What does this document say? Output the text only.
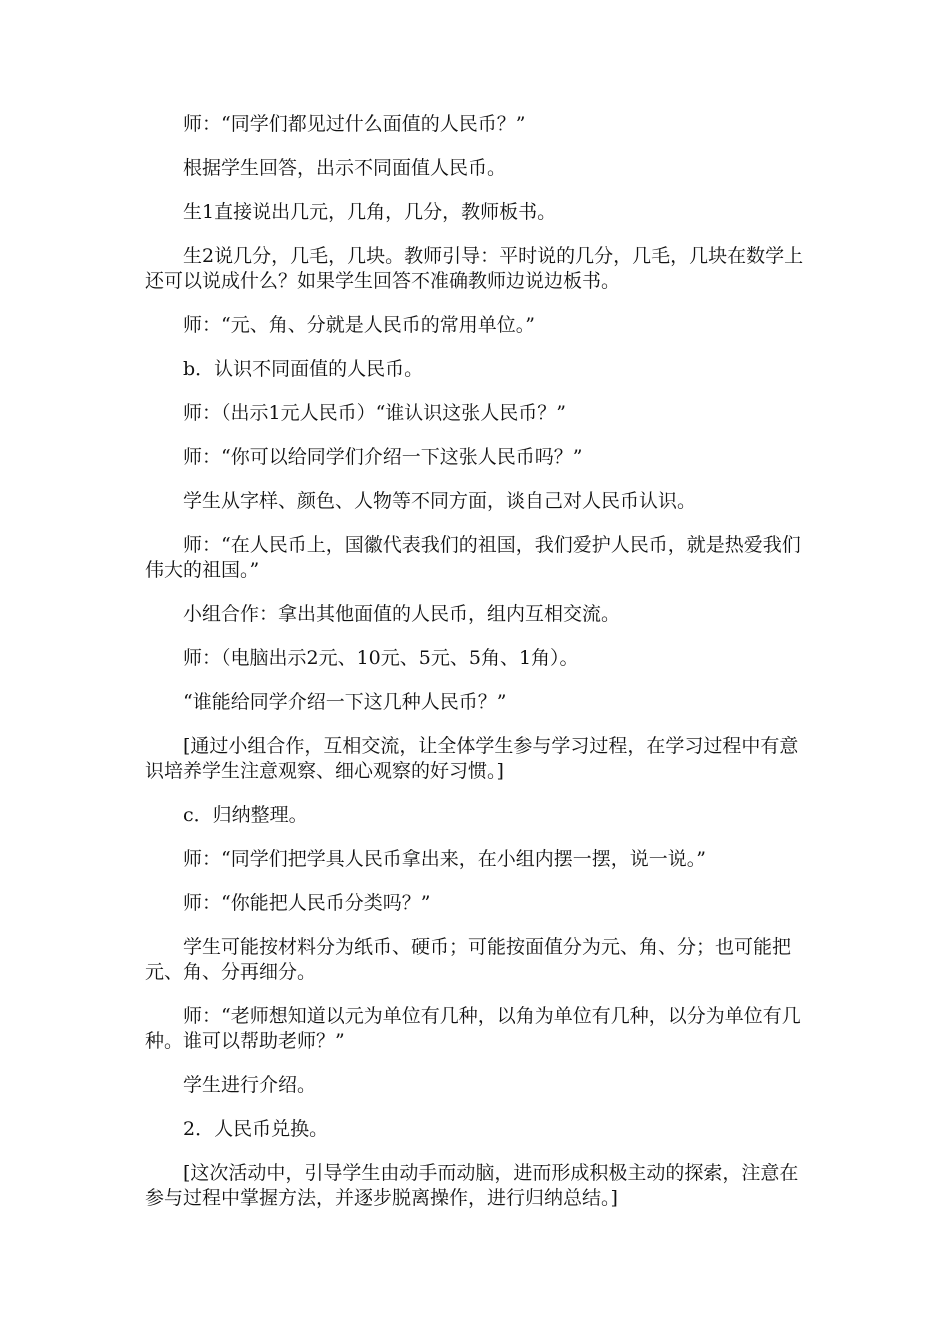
师：“同学们都见过什么面值的人民币？”

根据学生回答，出示不同面值人民币。

生1直接说出几元，几角，几分，教师板书。

生2说几分，几毛，几块。教师引导：平时说的几分，几毛，几块在数学上还可以说成什么？如果学生回答不准确教师边说边板书。

师：“元、角、分就是人民币的常用单位。”

b．认识不同面值的人民币。

师：（出示1元人民币）“谁认识这张人民币？”

师：“你可以给同学们介绍一下这张人民币吗？”

学生从字样、颜色、人物等不同方面，谈自己对人民币认识。

师：“在人民币上，国徽代表我们的祖国，我们爱护人民币，就是热爱我们伟大的祖国。”

小组合作：拿出其他面值的人民币，组内互相交流。

师：（电脑出示2元、10元、5元、5角、1角）。

“谁能给同学介绍一下这几种人民币？”

[通过小组合作，互相交流，让全体学生参与学习过程，在学习过程中有意识培养学生注意观察、细心观察的好习惯。]

c．归纳整理。

师：“同学们把学具人民币拿出来，在小组内摆一摆，说一说。”

师：“你能把人民币分类吗？”

学生可能按材料分为纸币、硬币；可能按面值分为元、角、分；也可能把元、角、分再细分。

师：“老师想知道以元为单位有几种，以角为单位有几种，以分为单位有几种。谁可以帮助老师？”

学生进行介绍。

2．人民币兑换。

[这次活动中，引导学生由动手而动脑，进而形成积极主动的探索，注意在参与过程中掌握方法，并逐步脱离操作，进行归纳总结。]
